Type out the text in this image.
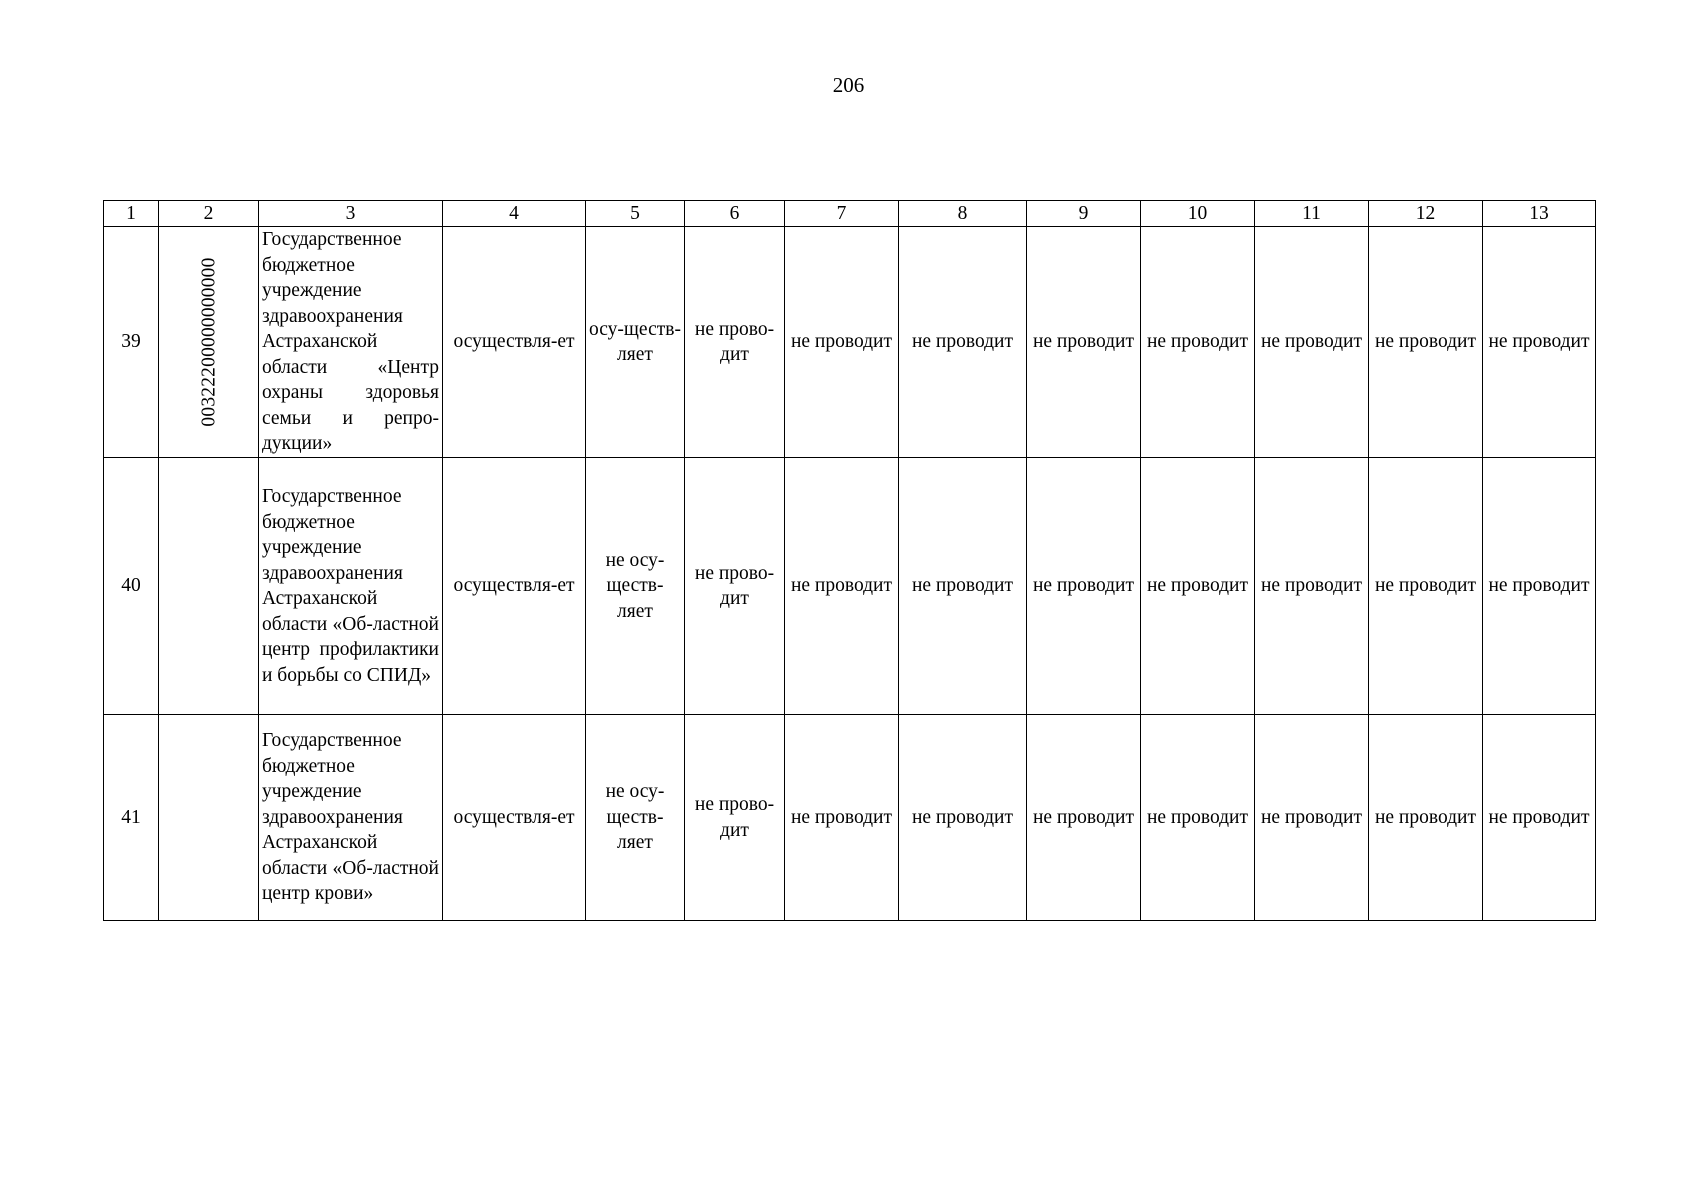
206
1	2	3	4	5	6	7	8	9	10	11	12	13
39	00322200000000000	Государственное бюджетное учреждение здравоохранения Астраханской области «Центр охраны здоровья семьи и репро-дукции»	осуществля-ет	осу-ществ-ляет	не прово-дит	не проводит	не проводит	не проводит	не проводит	не проводит	не проводит	не проводит

40		Государственное бюджетное учреждение здравоохранения Астраханской области «Об-ластной центр профилактики и борьбы со СПИД»	осуществля-ет	не осу-ществ-ляет	не прово-дит	не проводит	не проводит	не проводит	не проводит	не проводит	не проводит	не проводит

41		Государственное бюджетное учреждение здравоохранения Астраханской области «Об-ластной центр крови»	осуществля-ет	не осу-ществ-ляет	не прово-дит	не проводит	не проводит	не проводит	не проводит	не проводит	не проводит	не проводит
